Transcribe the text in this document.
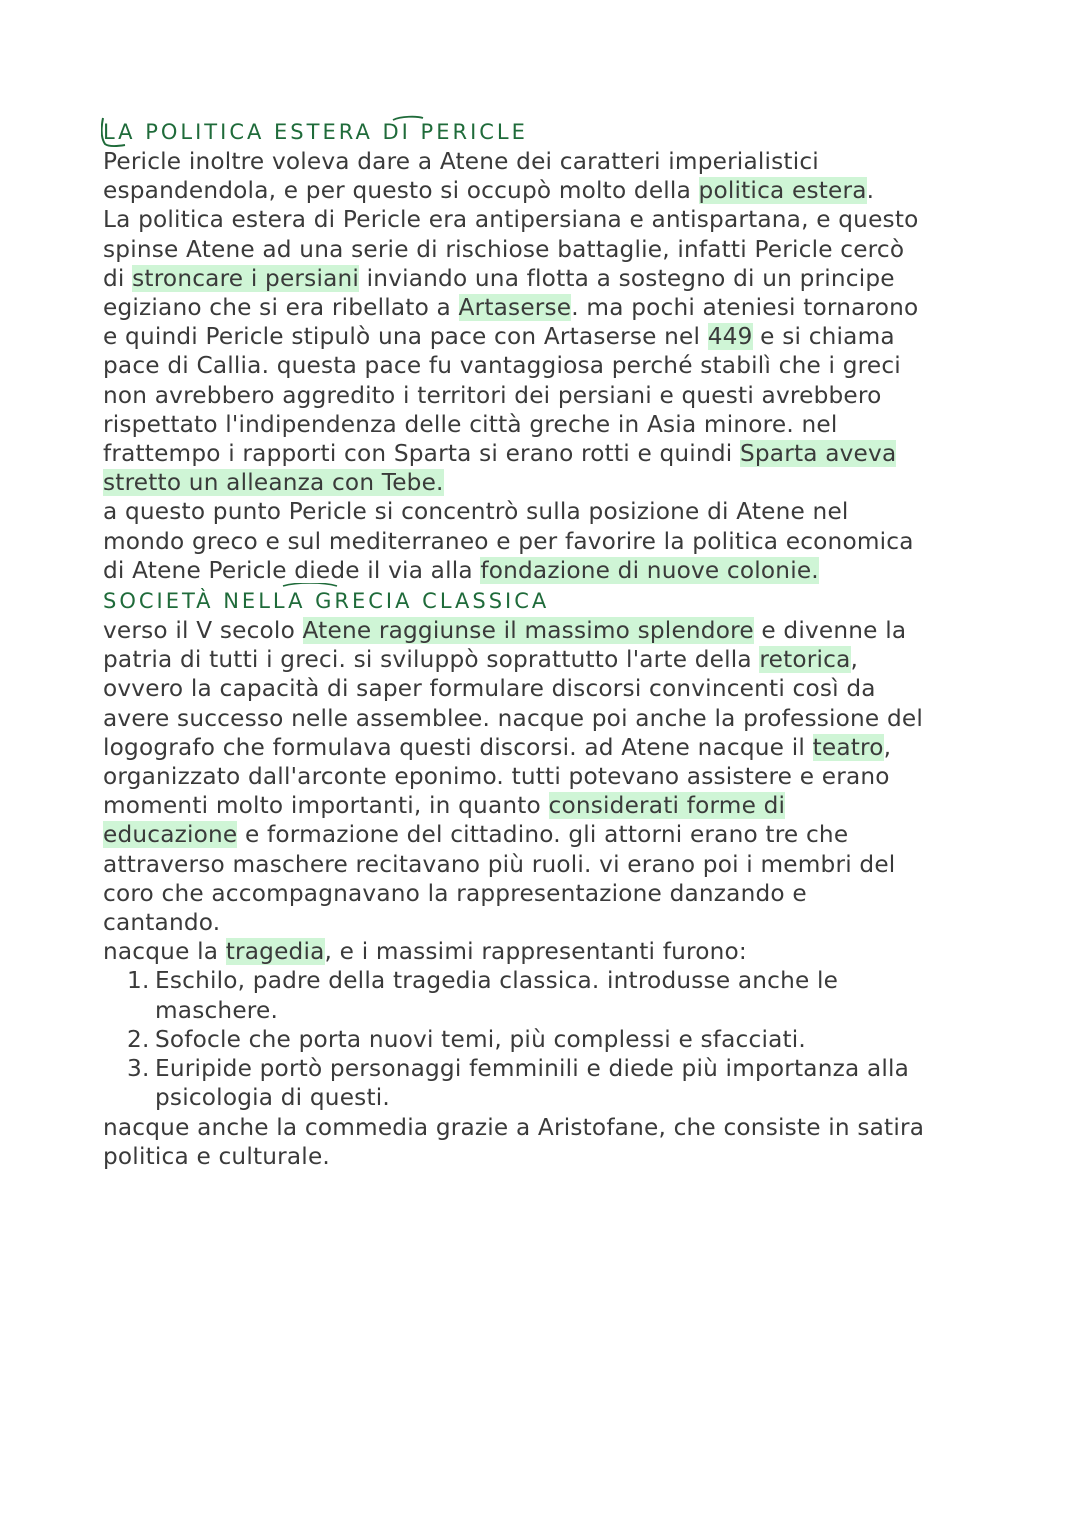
LA POLITICA ESTERA DI PERICLE
Pericle inoltre voleva dare a Atene dei caratteri imperialistici
espandendola, e per questo si occupò molto della politica estera.
La politica estera di Pericle era antipersiana e antispartana, e questo
spinse Atene ad una serie di rischiose battaglie, infatti Pericle cercò
di stroncare i persiani inviando una flotta a sostegno di un principe
egiziano che si era ribellato a Artaserse. ma pochi ateniesi tornarono
e quindi Pericle stipulò una pace con Artaserse nel 449 e si chiama
pace di Callia. questa pace fu vantaggiosa perché stabilì che i greci
non avrebbero aggredito i territori dei persiani e questi avrebbero
rispettato l'indipendenza delle città greche in Asia minore. nel
frattempo i rapporti con Sparta si erano rotti e quindi Sparta aveva
stretto un alleanza con Tebe.
a questo punto Pericle si concentrò sulla posizione di Atene nel
mondo greco e sul mediterraneo e per favorire la politica economica
di Atene Pericle diede il via alla fondazione di nuove colonie.
SOCIETÀ NELLA GRECIA CLASSICA
verso il V secolo Atene raggiunse il massimo splendore e divenne la
patria di tutti i greci. si sviluppò soprattutto l'arte della retorica,
ovvero la capacità di saper formulare discorsi convincenti così da
avere successo nelle assemblee. nacque poi anche la professione del
logografo che formulava questi discorsi. ad Atene nacque il teatro,
organizzato dall'arconte eponimo. tutti potevano assistere e erano
momenti molto importanti, in quanto considerati forme di
educazione e formazione del cittadino. gli attorni erano tre che
attraverso maschere recitavano più ruoli. vi erano poi i membri del
coro che accompagnavano la rappresentazione danzando e
cantando.
nacque la tragedia, e i massimi rappresentanti furono:
1. Eschilo, padre della tragedia classica. introdusse anche le
maschere.
2. Sofocle che porta nuovi temi, più complessi e sfacciati.
3. Euripide portò personaggi femminili e diede più importanza alla
psicologia di questi.
nacque anche la commedia grazie a Aristofane, che consiste in satira
politica e culturale.
